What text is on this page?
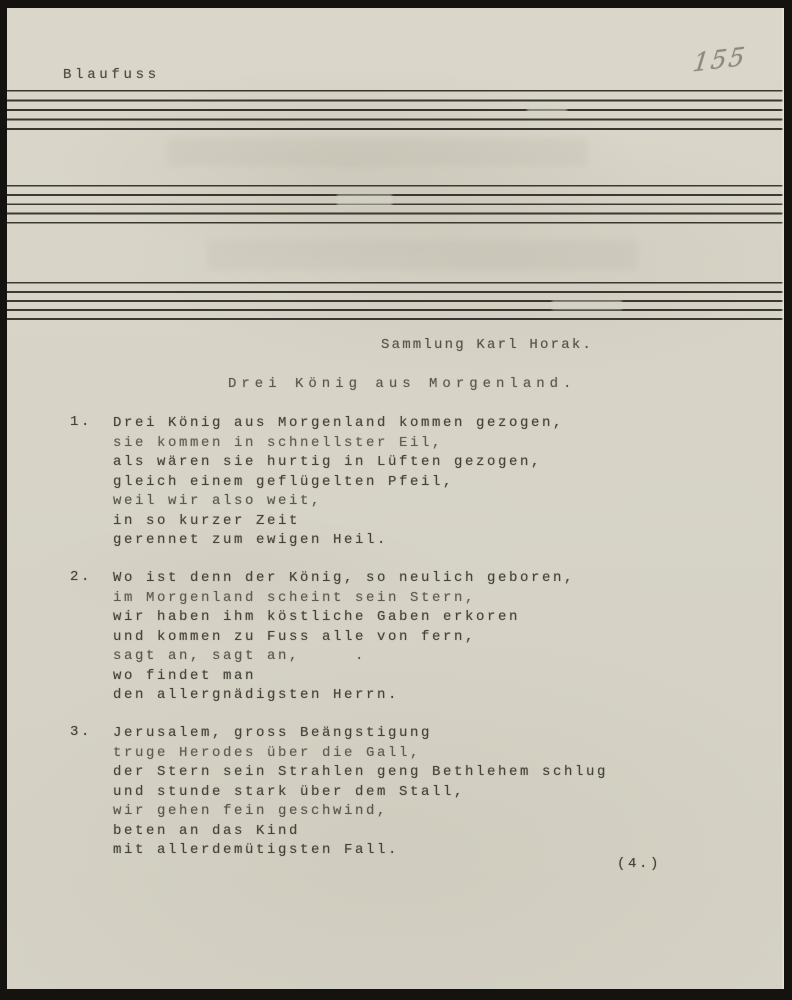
Blaufuss	155
Sammlung Karl Horak.
Drei König aus Morgenland.
1. Drei König aus Morgenland kommen gezogen,
sie kommen in schnellster Eil,
als wären sie hurtig in Lüften gezogen,
gleich einem geflügelten Pfeil,
weil wir also weit,
in so kurzer Zeit
gerennet zum ewigen Heil.
2. Wo ist denn der König, so neulich geboren,
im Morgenland scheint sein Stern,
wir haben ihm köstliche Gaben erkoren
und kommen zu Fuss alle von fern,
sagt an, sagt an,     .
wo findet man
den allergnädigsten Herrn.
3. Jerusalem, gross Beängstigung
truge Herodes über die Gall,
der Stern sein Strahlen geng Bethlehem schlug
und stunde stark über dem Stall,
wir gehen fein geschwind,
beten an das Kind
mit allerdemütigsten Fall.
(4.)
